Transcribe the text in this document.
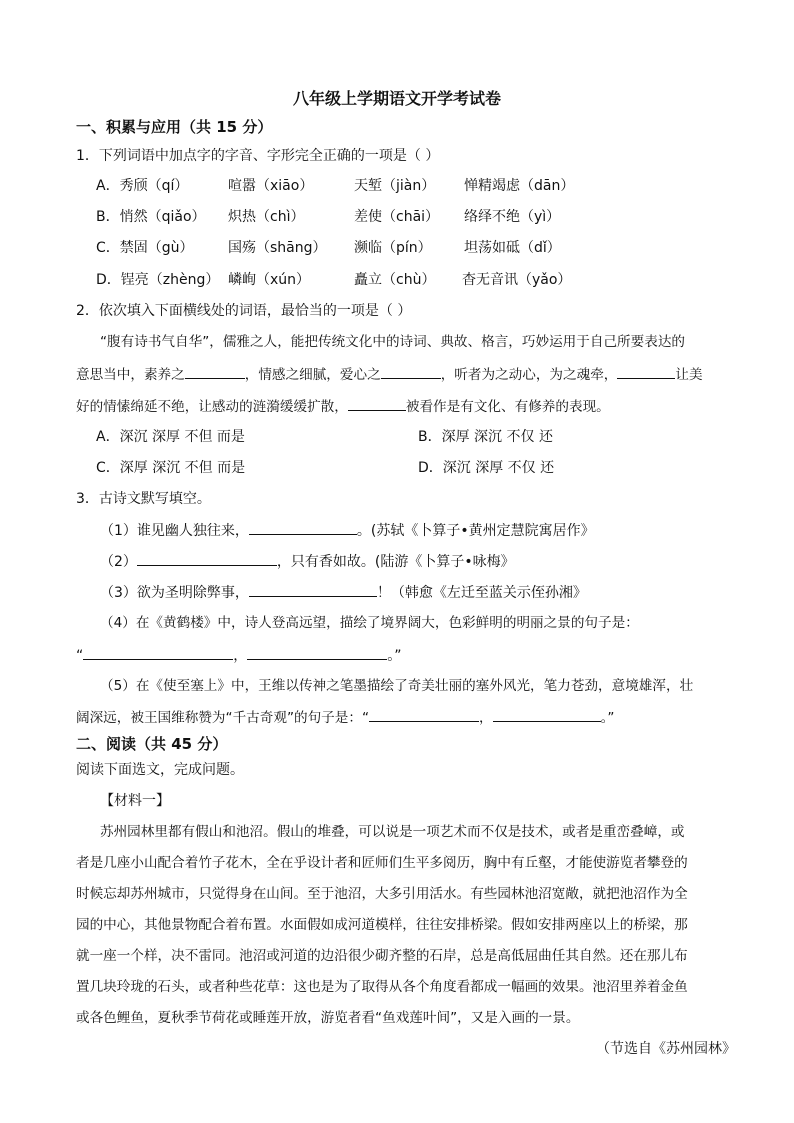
八年级上学期语文开学考试卷
一、积累与应用（共 15 分）
1．下列词语中加点字的字音、字形完全正确的一项是（ ）
A．秀颀（qí）	喧嚣（xiāo）	天堑（jiàn） 惮精竭虑（dān）
B．悄然（qiǎo） 炽热（chì）	差使（chāi） 络绎不绝（yì）
C．禁固（gù） 国殇（shāng） 濒临（pín） 坦荡如砥（dǐ）
D．锃亮（zhèng） 嶙峋（xún）	矗立（chù） 杳无音讯（yǎo）
2．依次填入下面横线处的词语，最恰当的一项是（ ）
“腹有诗书气自华”，儒雅之人，能把传统文化中的诗词、典故、格言，巧妙运用于自己所要表达的
意思当中，素养之	，情感之细腻，爱心之	，听者为之动心，为之魂牵，	让美
好的情愫绵延不绝，让感动的涟漪缓缓扩散，	被看作是有文化、有修养的表现。
A．深沉 深厚 不但 而是	B．深厚 深沉 不仅 还
C．深厚 深沉 不但 而是	D．深沉 深厚 不仅 还
3．古诗文默写填空。
（1）谁见幽人独往来，	。(苏轼《卜算子•黄州定慧院寓居作》
（2）	，只有香如故。(陆游《卜算子•咏梅》
（3）欲为圣明除弊事，	！（韩愈《左迁至蓝关示侄孙湘》
（4）在《黄鹤楼》中，诗人登高远望，描绘了境界阔大，色彩鲜明的明丽之景的句子是：
“	，	。”
（5）在《使至塞上》中，王维以传神之笔墨描绘了奇美壮丽的塞外风光，笔力苍劲，意境雄浑，壮
阔深远，被王国维称赞为“千古奇观”的句子是：“	，	。”
二、阅读（共 45 分）
阅读下面选文，完成问题。
【材料一】
苏州园林里都有假山和池沼。假山的堆叠，可以说是一项艺术而不仅是技术，或者是重峦叠嶂，或
者是几座小山配合着竹子花木，全在乎设计者和匠师们生平多阅历，胸中有丘壑，才能使游览者攀登的
时候忘却苏州城市，只觉得身在山间。至于池沼，大多引用活水。有些园林池沼宽敞，就把池沼作为全
园的中心，其他景物配合着布置。水面假如成河道模样，往往安排桥梁。假如安排两座以上的桥梁，那
就一座一个样，决不雷同。池沼或河道的边沿很少砌齐整的石岸，总是高低屈曲任其自然。还在那儿布
置几块玲珑的石头，或者种些花草：这也是为了取得从各个角度看都成一幅画的效果。池沼里养着金鱼
或各色鲤鱼，夏秋季节荷花或睡莲开放，游览者看“鱼戏莲叶间”，又是入画的一景。
（节选自《苏州园林》
